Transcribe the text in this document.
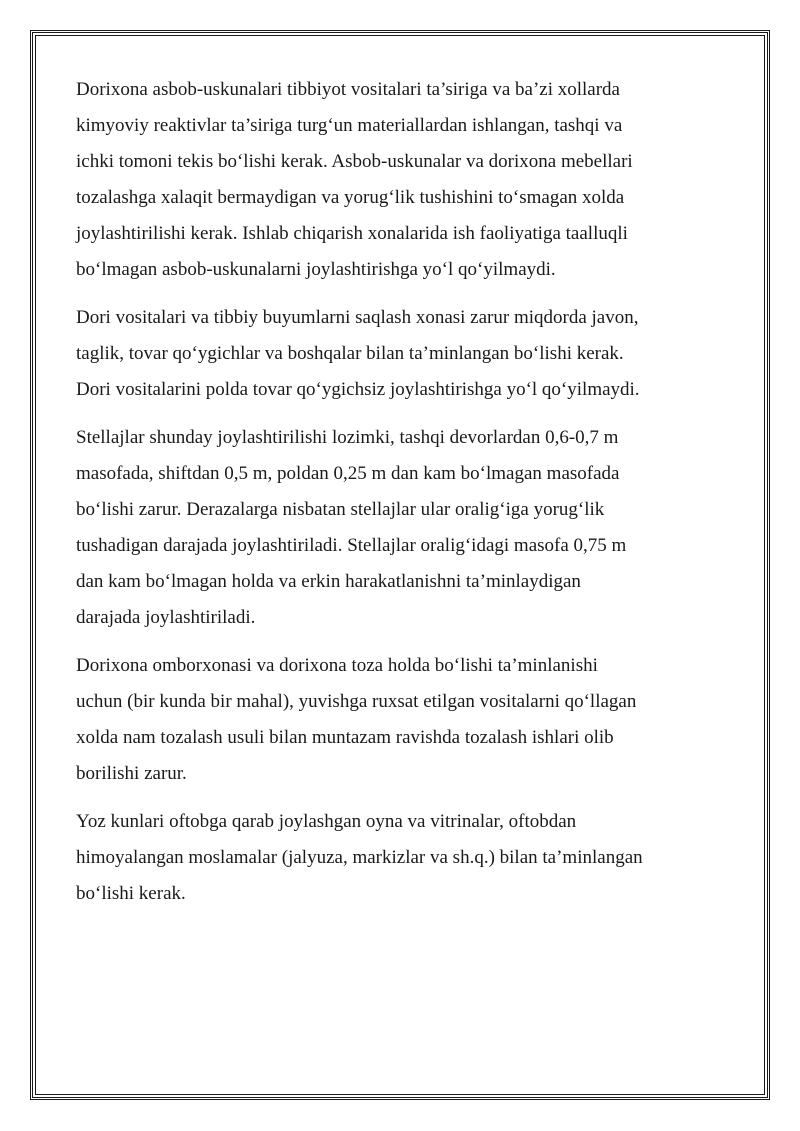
Dorixona asbob-uskunalari tibbiyot vositalari ta’siriga va ba’zi xollarda
kimyoviy reaktivlar ta’siriga turg‘un materiallardan ishlangan, tashqi va
ichki tomoni tekis bo‘lishi kerak. Asbob-uskunalar va dorixona mebellari
tozalashga xalaqit bermaydigan va yorug‘lik tushishini to‘smagan xolda
joylashtirilishi kerak. Ishlab chiqarish xonalarida ish faoliyatiga taalluqli
bo‘lmagan asbob-uskunalarni joylashtirishga yo‘l qo‘yilmaydi.

Dori vositalari va tibbiy buyumlarni saqlash xonasi zarur miqdorda javon,
taglik, tovar qo‘ygichlar va boshqalar bilan ta’minlangan bo‘lishi kerak.
Dori vositalarini polda tovar qo‘ygichsiz joylashtirishga yo‘l qo‘yilmaydi.

Stellajlar shunday joylashtirilishi lozimki, tashqi devorlardan 0,6-0,7 m
masofada, shiftdan 0,5 m, poldan 0,25 m dan kam bo‘lmagan masofada
bo‘lishi zarur. Derazalarga nisbatan stellajlar ular oralig‘iga yorug‘lik
tushadigan darajada joylashtiriladi. Stellajlar oralig‘idagi masofa 0,75 m
dan kam bo‘lmagan holda va erkin harakatlanishni ta’minlaydigan
darajada joylashtiriladi.

Dorixona omborxonasi va dorixona toza holda bo‘lishi ta’minlanishi
uchun (bir kunda bir mahal), yuvishga ruxsat etilgan vositalarni qo‘llagan
xolda nam tozalash usuli bilan muntazam ravishda tozalash ishlari olib
borilishi zarur.

Yoz kunlari oftobga qarab joylashgan oyna va vitrinalar, oftobdan
himoyalangan moslamalar (jalyuza, markizlar va sh.q.) bilan ta’minlangan
bo‘lishi kerak.
